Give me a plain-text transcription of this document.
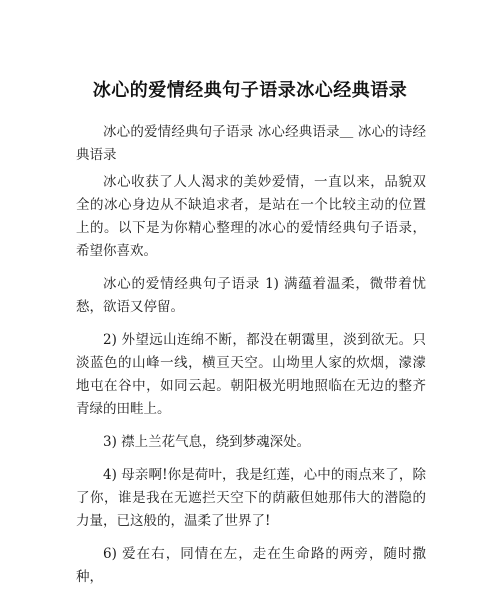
冰心的爱情经典句子语录冰心经典语录

冰心的爱情经典句子语录 冰心经典语录＿ 冰心的诗经典语录

冰心收获了人人渴求的美妙爱情，一直以来，品貌双全的冰心身边从不缺追求者，是站在一个比较主动的位置上的。以下是为你精心整理的冰心的爱情经典句子语录，希望你喜欢。

冰心的爱情经典句子语录 1) 满蕴着温柔，微带着忧愁，欲语又停留。

2) 外望远山连绵不断，都没在朝霭里，淡到欲无。只淡蓝色的山峰一线，横亘天空。山坳里人家的炊烟，濛濛地屯在谷中，如同云起。朝阳极光明地照临在无边的整齐青绿的田畦上。

3) 襟上兰花气息，绕到梦魂深处。

4) 母亲啊!你是荷叶，我是红莲，心中的雨点来了，除了你，谁是我在无遮拦天空下的荫蔽但她那伟大的潜隐的力量，已这般的，温柔了世界了!

6) 爱在右，同情在左，走在生命路的两旁，随时撒种，
